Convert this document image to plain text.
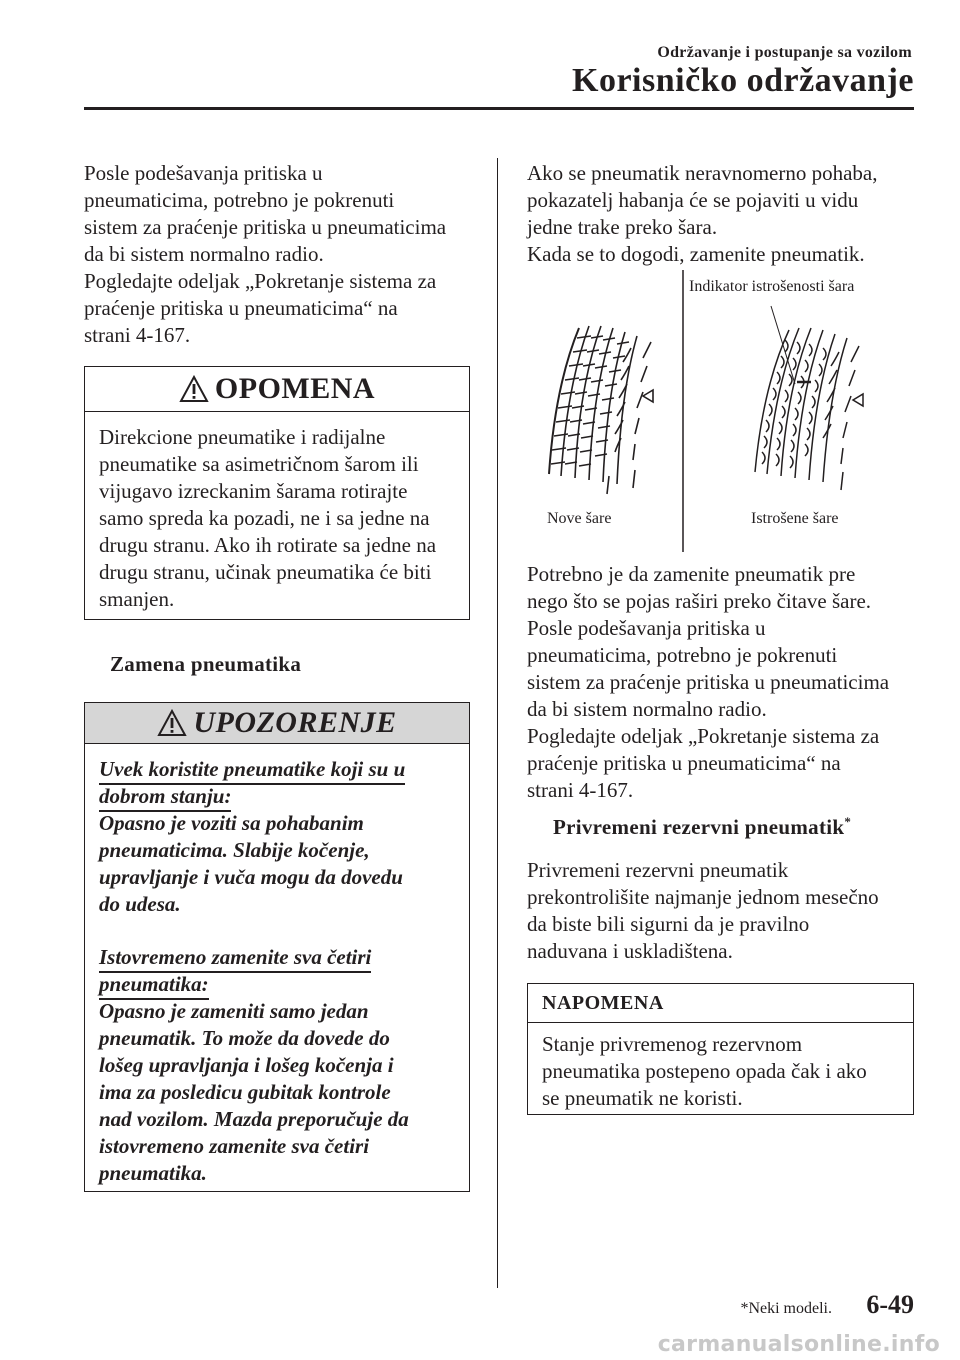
Održavanje i postupanje sa vozilom
Korisničko održavanje

Posle podešavanja pritiska u

pneumaticima, potrebno je pokrenuti

sistem za praćenje pritiska u pneumaticima

da bi sistem normalno radio.

Pogledajte odeljak „Pokretanje sistema za

praćenje pritiska u pneumaticima“ na

strani 4-167.

OPOMENA

Direkcione pneumatike i radijalne

pneumatike sa asimetričnom šarom ili

vijugavo izreckanim šarama rotirajte

samo spreda ka pozadi, ne i sa jedne na

drugu stranu. Ako ih rotirate sa jedne na

drugu stranu, učinak pneumatika će biti

smanjen.

Zamena pneumatika
UPOZORENJE

Uvek koristite pneumatike koji su u

dobrom stanju:

Opasno je voziti sa pohabanim

pneumaticima. Slabije kočenje,

upravljanje i vuča mogu da dovedu

do udesa.

Istovremeno zamenite sva četiri

pneumatika:

Opasno je zameniti samo jedan

pneumatik. To može da dovede do

lošeg upravljanja i lošeg kočenja i

ima za posledicu gubitak kontrole

nad vozilom. Mazda preporučuje da

istovremeno zamenite sva četiri

pneumatika.

Ako se pneumatik neravnomerno pohaba,

pokazatelj habanja će se pojaviti u vidu

jedne trake preko šara.

Kada se to dogodi, zamenite pneumatik.

Indikator istrošenosti šara
Nove šare	Istrošene šare

Potrebno je da zamenite pneumatik pre

nego što se pojas raširi preko čitave šare.

Posle podešavanja pritiska u

pneumaticima, potrebno je pokrenuti

sistem za praćenje pritiska u pneumaticima

da bi sistem normalno radio.

Pogledajte odeljak „Pokretanje sistema za

praćenje pritiska u pneumaticima“ na

strani 4-167.

Privremeni rezervni pneumatik*

Privremeni rezervni pneumatik

prekontrolišite najmanje jednom mesečno

da biste bili sigurni da je pravilno

naduvana i uskladištena.

NAPOMENA

Stanje privremenog rezervnom

pneumatika postepeno opada čak i ako

se pneumatik ne koristi.

*Neki modeli. 6-49
carmanualsonline.info
